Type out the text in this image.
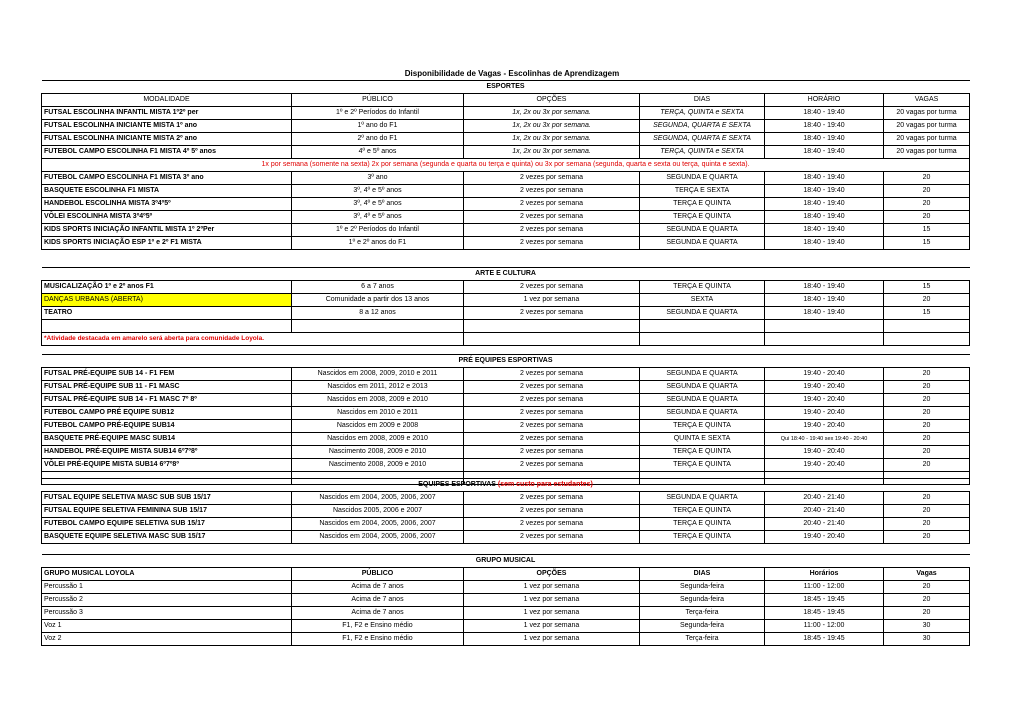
Disponibilidade de Vagas - Escolinhas de Aprendizagem
ESPORTES					
MODALIDADE	PÚBLICO	OPÇÕES	DIAS	HORÁRIO	VAGAS
FUTSAL ESCOLINHA INFANTIL MISTA 1º2º per	1º e 2º Períodos do Infantil	1x, 2x ou 3x por semana.	TERÇA, QUINTA e SEXTA	18:40 - 19:40	20 vagas por turma
FUTSAL ESCOLINHA INICIANTE MISTA 1º ano	1º ano do F1	1x, 2x ou 3x por semana.	SEGUNDA, QUARTA E SEXTA	18:40 - 19:40	20 vagas por turma
FUTSAL ESCOLINHA INICIANTE MISTA 2º ano	2º ano do F1	1x, 2x ou 3x por semana.	SEGUNDA, QUARTA E SEXTA	18:40 - 19:40	20 vagas por turma
FUTEBOL CAMPO ESCOLINHA F1 MISTA 4º 5º anos	4º e 5º anos	1x, 2x ou 3x por semana.	TERÇA, QUINTA e SEXTA	18:40 - 19:40	20 vagas por turma
1x por semana (somente na sexta) 2x por semana (segunda e quarta ou terça e quinta) ou 3x por semana (segunda, quarta e sexta ou terça, quinta e sexta).					
FUTEBOL CAMPO ESCOLINHA F1 MISTA 3º ano	3º ano	2 vezes por semana	SEGUNDA E QUARTA	18:40 - 19:40	20
BASQUETE ESCOLINHA F1 MISTA	3º, 4º e 5º anos	2 vezes por semana	TERÇA E SEXTA	18:40 - 19:40	20
HANDEBOL ESCOLINHA MISTA 3º4º5º	3º, 4º e 5º anos	2 vezes por semana	TERÇA E QUINTA	18:40 - 19:40	20
VÔLEI ESCOLINHA MISTA 3º4º5º	3º, 4º e 5º anos	2 vezes por semana	TERÇA E QUINTA	18:40 - 19:40	20
KIDS SPORTS INICIAÇÃO INFANTIL MISTA 1º 2ºPer	1º e 2º Períodos do Infantil	2 vezes por semana	SEGUNDA E QUARTA	18:40 - 19:40	15
KIDS SPORTS INICIAÇÃO ESP 1º e 2º F1 MISTA	1º e 2º anos do F1	2 vezes por semana	SEGUNDA E QUARTA	18:40 - 19:40	15
ARTE E CULTURA					
MUSICALIZAÇÃO 1º e 2º anos F1	6 a 7 anos	2 vezes por semana	TERÇA E QUINTA	18:40 - 19:40	15
DANÇAS URBANAS (ABERTA)	Comunidade a partir dos 13 anos	1 vez por semana	SEXTA	18:40 - 19:40	20
TEATRO	8 a 12 anos	2 vezes por semana	SEGUNDA E QUARTA	18:40 - 19:40	15

*Atividade destacada em amarelo será aberta para comunidade Loyola.					
PRÉ EQUIPES ESPORTIVAS					
FUTSAL PRÉ-EQUIPE SUB 14 - F1 FEM	Nascidos em 2008, 2009, 2010 e 2011	2 vezes por semana	SEGUNDA E QUARTA	19:40 - 20:40	20
FUTSAL PRÉ-EQUIPE SUB 11 - F1 MASC	Nascidos em 2011, 2012 e 2013	2 vezes por semana	SEGUNDA E QUARTA	19:40 - 20:40	20
FUTSAL PRÉ-EQUIPE SUB 14 - F1 MASC 7º 8º	Nascidos em 2008, 2009 e 2010	2 vezes por semana	SEGUNDA E QUARTA	19:40 - 20:40	20
FUTEBOL CAMPO PRÉ EQUIPE SUB12	Nascidos em 2010 e 2011	2 vezes por semana	SEGUNDA E QUARTA	19:40 - 20:40	20
FUTEBOL CAMPO PRÉ-EQUIPE SUB14	Nascidos em 2009 e 2008	2 vezes por semana	TERÇA E QUINTA	19:40 - 20:40	20
BASQUETE PRÉ-EQUIPE MASC SUB14	Nascidos em 2008, 2009 e 2010	2 vezes por semana	QUINTA E SEXTA	Qui 18:40 - 19:40 sex 19:40 - 20:40	20
HANDEBOL PRÉ-EQUIPE MISTA SUB14 6º7º8º	Nascimento 2008, 2009 e 2010	2 vezes por semana	TERÇA E QUINTA	19:40 - 20:40	20
VÔLEI PRÉ-EQUIPE MISTA SUB14 6º7º8º	Nascimento 2008, 2009 e 2010	2 vezes por semana	TERÇA E QUINTA	19:40 - 20:40	20

EQUIPES ESPORTIVAS (sem custo para estudantes)					
FUTSAL EQUIPE SELETIVA MASC SUB SUB 15/17	Nascidos em 2004, 2005, 2006, 2007	2 vezes por semana	SEGUNDA E QUARTA	20:40 - 21:40	20
FUTSAL EQUIPE SELETIVA FEMININA SUB 15/17	Nascidos 2005, 2006 e 2007	2 vezes por semana	TERÇA E QUINTA	20:40 - 21:40	20
FUTEBOL CAMPO EQUIPE SELETIVA SUB 15/17	Nascidos em 2004, 2005, 2006, 2007	2 vezes por semana	TERÇA E QUINTA	20:40 - 21:40	20
BASQUETE EQUIPE SELETIVA MASC SUB 15/17	Nascidos em 2004, 2005, 2006, 2007	2 vezes por semana	TERÇA E QUINTA	19:40 - 20:40	20
GRUPO MUSICAL					
GRUPO MUSICAL LOYOLA	PÚBLICO	OPÇÕES	DIAS	Horários	Vagas
Percussão 1	Acima de 7 anos	1 vez por semana	Segunda-feira	11:00 - 12:00	20
Percussão 2	Acima de 7 anos	1 vez por semana	Segunda-feira	18:45 - 19:45	20
Percussão 3	Acima de 7 anos	1 vez por semana	Terça-feira	18:45 - 19:45	20
Voz 1	F1, F2 e Ensino médio	1 vez por semana	Segunda-feira	11:00 - 12:00	30
Voz 2	F1, F2 e Ensino médio	1 vez por semana	Terça-feira	18:45 - 19:45	30
